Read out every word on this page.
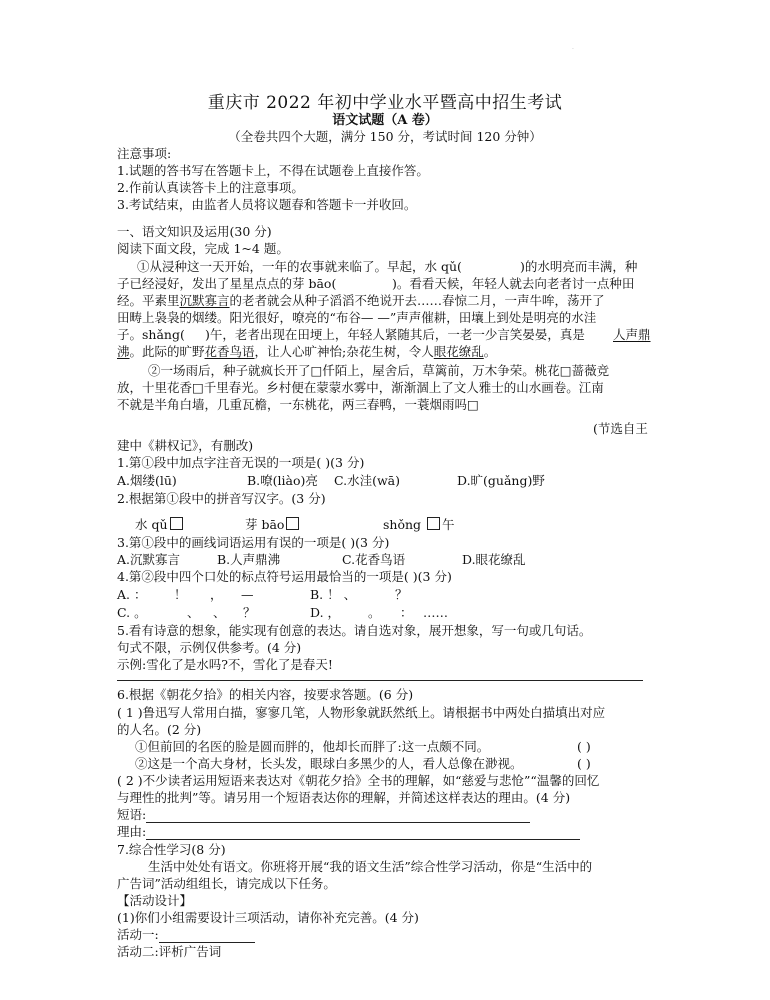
·
重庆市 2022 年初中学业水平暨高中招生考试
语文试题（A 卷）
（全卷共四个大题，满分 150 分，考试时间 120 分钟）
注意事项:
1.试题的答书写在答题卡上，不得在试题卷上直接作答。
2.作前认真读答卡上的注意事项。
3.考试结束，由监者人员将议题春和答题卡一并收回。
一、语文知识及运用(30 分)
阅读下面文段，完成 1~4 题。
①从浸种这一天开始，一年的农事就来临了。早起，水 qǔ(	)的水明亮而丰满，种
子已经浸好，发出了星星点点的芽 bāo(	)。看看天候，年轻人就去向老者讨一点种田
经。平素里沉默寡言的老者就会从种子滔滔不绝说开去……春惊二月，一声牛哞，荡开了
田畴上袅袅的烟缕。阳光很好，嘹亮的“布谷— —”声声催耕，田壤上到处是明亮的水洼
子。shǎng( )午，老者出现在田埂上，年轻人紧随其后，一老一少言笑晏晏，真是 人声鼎
沸。此际的旷野花香鸟语，让人心旷神怡;杂花生树，令人眼花缭乱。
②一场雨后，种子就疯长开了□仟陌上，屋舍后，草篱前，万木争荣。桃花□蔷薇竞
放，十里花香□千里春光。乡村便在蒙蒙水雾中，渐渐涸上了文人雅士的山水画卷。江南
不就是半角白墙，几重瓦檐，一东桃花，两三春鸭，一蓑烟雨吗□
(节选自王
建中《耕权记》，有删改)
1.第①段中加点字注音无误的一项是( )(3 分)
A.烟缕(lū)	B.嘹(liào)亮 C.水洼(wā)	D.旷(guǎng)野
2.根据第①段中的拼音写汉字。(3 分)
水 qǔ	芽 bāo	shǒng 午
3.第①段中的画线词语运用有误的一项是( )(3 分)
A.沉默寡言	B.人声鼎沸	C.花香鸟语	D.眼花缭乱
4.第②段中四个口处的标点符号运用最恰当的一项是( )(3 分)
A. ： ！ ， —	B. ！ 、	？
C. 。	、 、 ？	D. ， 。 ： ……
5.看有诗意的想象，能实现有创意的表达。请自选对象，展开想象，写一句或几句话。
句式不限，示例仅供参考。(4 分)
示例:雪化了是水吗?不，雪化了是春天!
6.根据《朝花夕拾》的相关内容，按要求答题。(6 分)
( 1 )鲁迅写人常用白描，寥寥几笔，人物形象就跃然纸上。请根据书中两处白描填出对应
的人名。(2 分)
①但前回的名医的脸是圆而胖的，他却长而胖了:这一点颇不同。	( )
②这是一个高大身材，长头发，眼球白多黑少的人，看人总像在渺视。	( )
( 2 )不少读者运用短语来表达对《朝花夕拾》全书的理解，如“慈爱与悲怆”“温馨的回忆
与理性的批判”等。请另用一个短语表达你的理解，并简述这样表达的理由。(4 分)
短语:
理由:
7.综合性学习(8 分)
生活中处处有语文。你班将开展“我的语文生活”综合性学习活动，你是“生活中的
广告词”活动组组长，请完成以下任务。
【活动设计】
(1)你们小组需要设计三项活动，请你补充完善。(4 分)
活动一:
活动二:评析广告词
